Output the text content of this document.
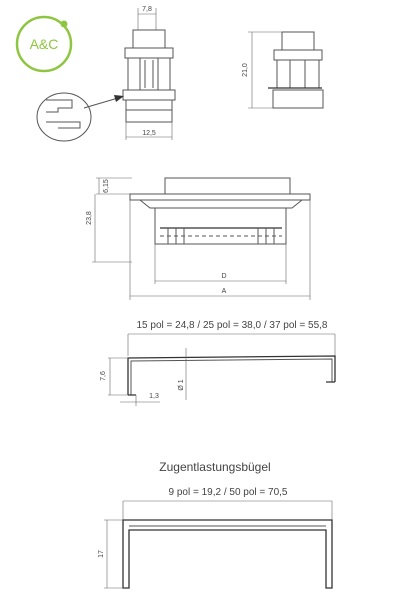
A&C
7,8
12,5
21,0
6,15
23,8
D
A
15 pol = 24,8 / 25 pol = 38,0 / 37 pol = 55,8
7,6
Ø 1
1,3
Zugentlastungsbügel
9 pol = 19,2 / 50 pol = 70,5
17
